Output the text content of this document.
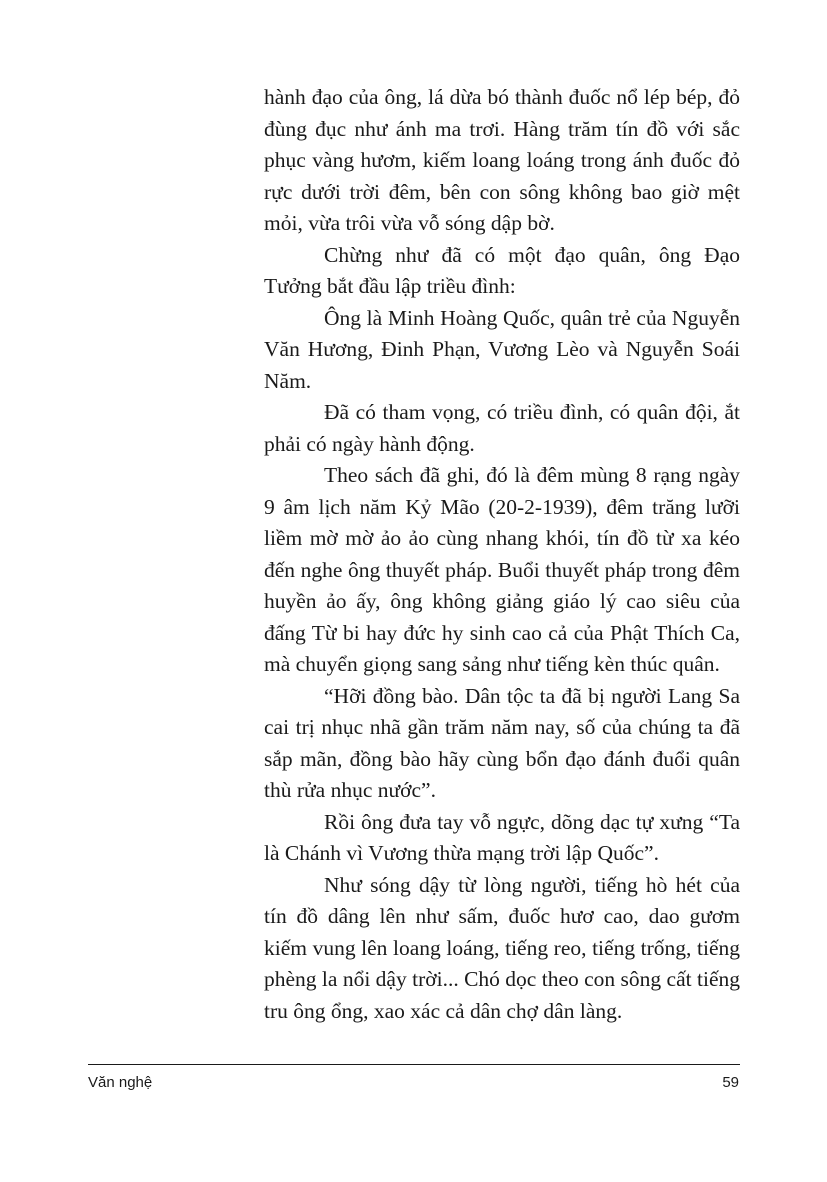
hành đạo của ông, lá dừa bó thành đuốc nổ lép bép, đỏ đùng đục như ánh ma trơi. Hàng trăm tín đồ với sắc phục vàng hươm, kiếm loang loáng trong ánh đuốc đỏ rực dưới trời đêm, bên con sông không bao giờ mệt mỏi, vừa trôi vừa vỗ sóng dập bờ.

Chừng như đã có một đạo quân, ông Đạo Tưởng bắt đầu lập triều đình:

Ông là Minh Hoàng Quốc, quân trẻ của Nguyễn Văn Hương, Đinh Phạn, Vương Lèo và Nguyễn Soái Năm.

Đã có tham vọng, có triều đình, có quân đội, ắt phải có ngày hành động.

Theo sách đã ghi, đó là đêm mùng 8 rạng ngày 9 âm lịch năm Kỷ Mão (20-2-1939), đêm trăng lưỡi liềm mờ mờ ảo ảo cùng nhang khói, tín đồ từ xa kéo đến nghe ông thuyết pháp. Buổi thuyết pháp trong đêm huyền ảo ấy, ông không giảng giáo lý cao siêu của đấng Từ bi hay đức hy sinh cao cả của Phật Thích Ca, mà chuyển giọng sang sảng như tiếng kèn thúc quân.

“Hỡi đồng bào. Dân tộc ta đã bị người Lang Sa cai trị nhục nhã gần trăm năm nay, số của chúng ta đã sắp mãn, đồng bào hãy cùng bổn đạo đánh đuổi quân thù rửa nhục nước”.

Rồi ông đưa tay vỗ ngực, dõng dạc tự xưng “Ta là Chánh vì Vương thừa mạng trời lập Quốc”.

Như sóng dậy từ lòng người, tiếng hò hét của tín đồ dâng lên như sấm, đuốc hươ cao, dao gươm kiếm vung lên loang loáng, tiếng reo, tiếng trống, tiếng phèng la nổi dậy trời... Chó dọc theo con sông cất tiếng tru ông ổng, xao xác cả dân chợ dân làng.

Văn nghệ	59
